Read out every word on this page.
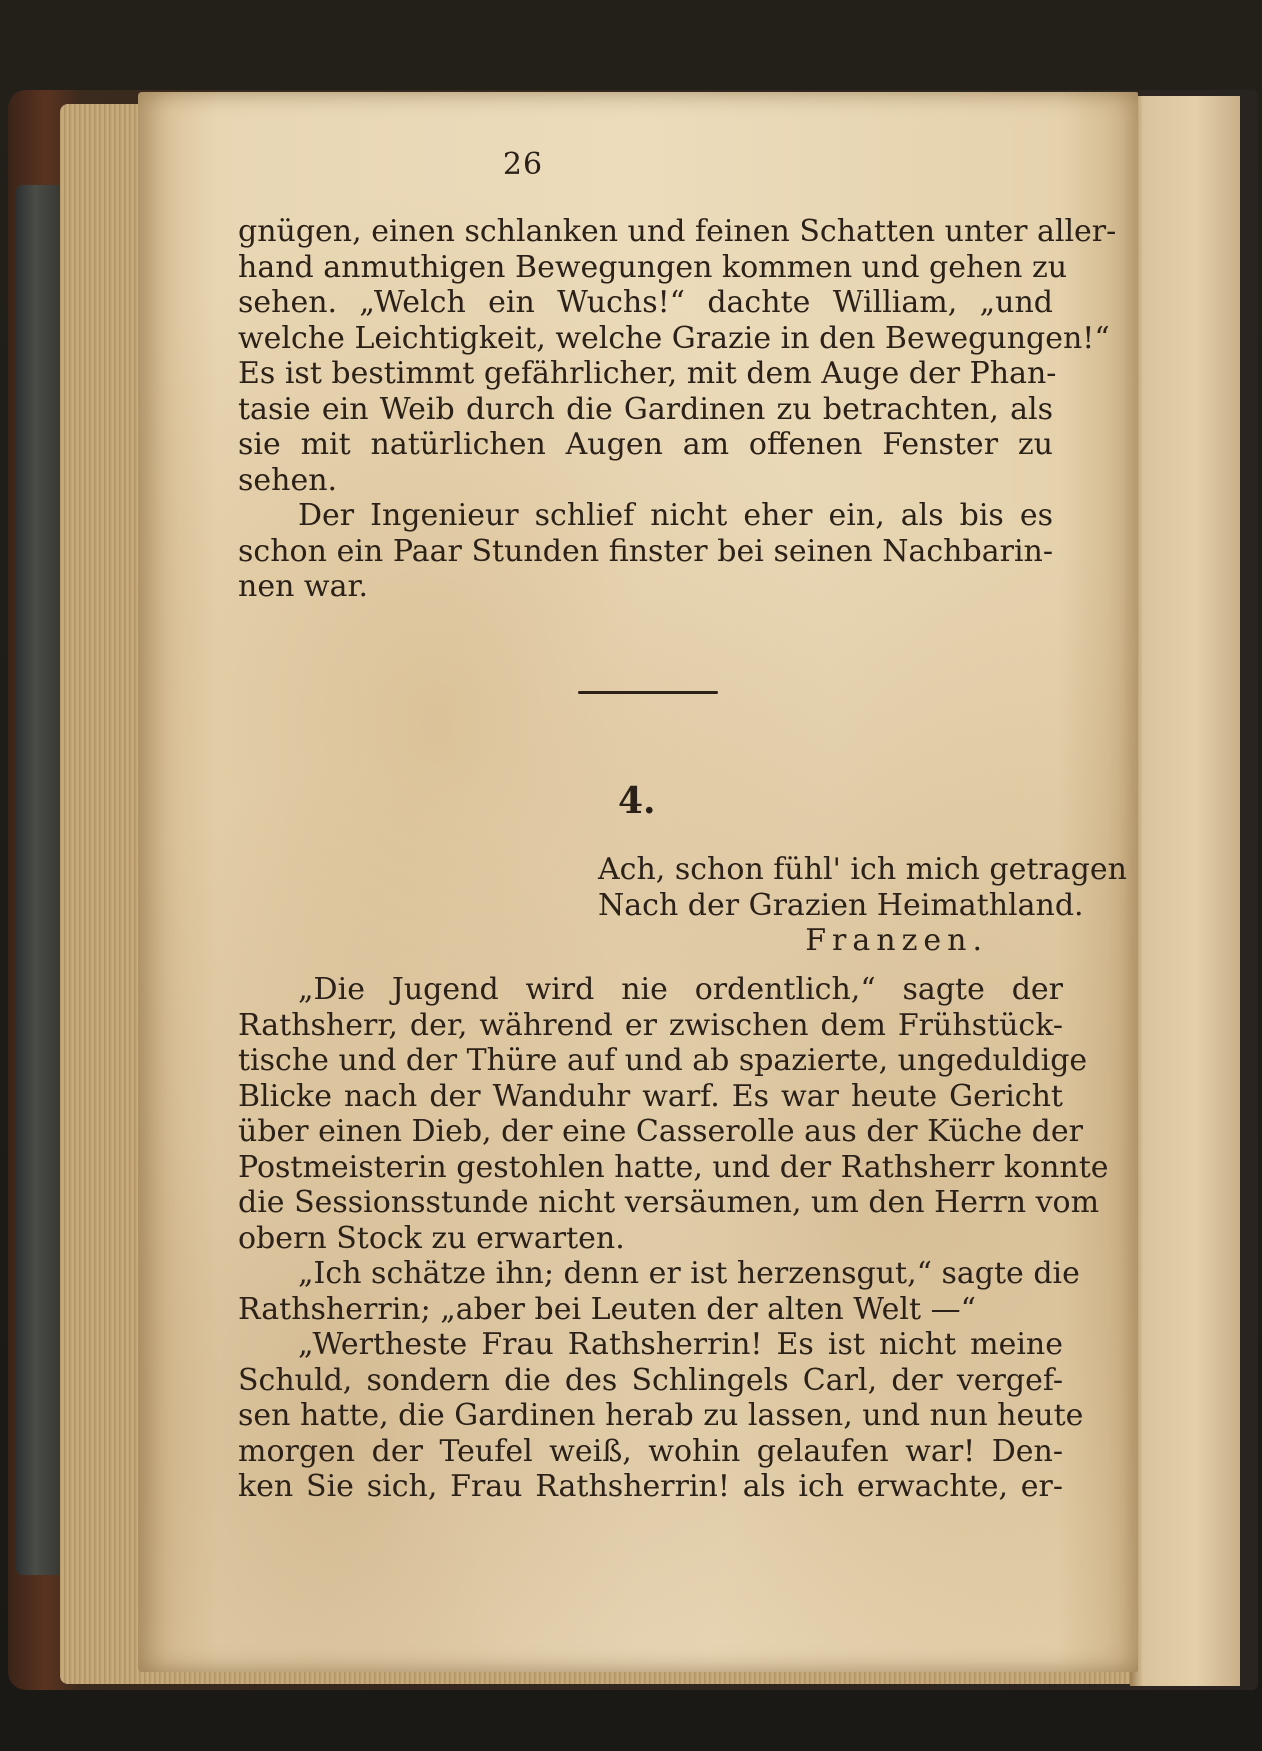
26
gnügen, einen schlanken und feinen Schatten unter aller-
hand anmuthigen Bewegungen kommen und gehen zu
sehen. „Welch ein Wuchs!“ dachte William, „und
welche Leichtigkeit, welche Grazie in den Bewegungen!“
Es ist bestimmt gefährlicher, mit dem Auge der Phan-
tasie ein Weib durch die Gardinen zu betrachten, als
sie mit natürlichen Augen am offenen Fenster zu
sehen.
Der Ingenieur schlief nicht eher ein, als bis es
schon ein Paar Stunden finster bei seinen Nachbarin-
nen war.
4.
Ach, schon fühl' ich mich getragen
Nach der Grazien Heimathland.
Franzen.
„Die Jugend wird nie ordentlich,“ sagte der
Rathsherr, der, während er zwischen dem Frühstück-
tische und der Thüre auf und ab spazierte, ungeduldige
Blicke nach der Wanduhr warf. Es war heute Gericht
über einen Dieb, der eine Casserolle aus der Küche der
Postmeisterin gestohlen hatte, und der Rathsherr konnte
die Sessionsstunde nicht versäumen, um den Herrn vom
obern Stock zu erwarten.
„Ich schätze ihn; denn er ist herzensgut,“ sagte die
Rathsherrin; „aber bei Leuten der alten Welt —“
„Wertheste Frau Rathsherrin! Es ist nicht meine
Schuld, sondern die des Schlingels Carl, der vergef-
sen hatte, die Gardinen herab zu lassen, und nun heute
morgen der Teufel weiß, wohin gelaufen war! Den-
ken Sie sich, Frau Rathsherrin! als ich erwachte, er-
